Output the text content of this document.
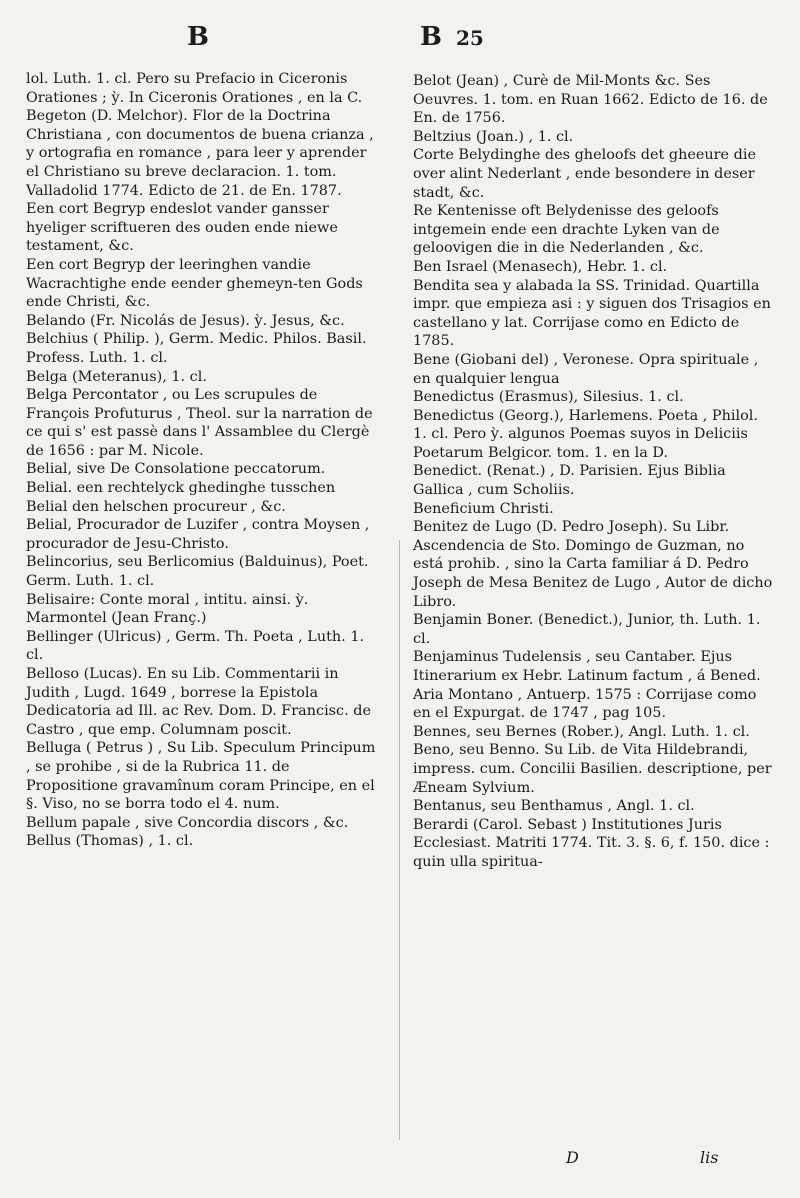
B	B 25

lol. Luth. 1. cl. Pero su Prefacio in Ciceronis Orationes ; ỳ. In Ciceronis Orationes , en la C.

Begeton (D. Melchor). Flor de la Doctrina Christiana , con documentos de buena crianza , y ortografia en romance , para leer y aprender el Christiano su breve declaracion. 1. tom. Valladolid 1774. Edicto de 21. de En. 1787.

Een cort Begryp endeslot vander gansser hyeliger scriftueren des ouden ende niewe testament, &c.

Een cort Begryp der leeringhen vandie Wacrachtighe ende eender ghemeyn-ten Gods ende Christi, &c.

Belando (Fr. Nicolás de Jesus). ỳ. Jesus, &c.

Belchius ( Philip. ), Germ. Medic. Philos. Basil. Profess. Luth. 1. cl.

Belga (Meteranus), 1. cl.

Belga Percontator , ou Les scrupules de François Profuturus , Theol. sur la narration de ce qui s' est passè dans l' Assamblee du Clergè de 1656 : par M. Nicole.

Belial, sive De Consolatione peccatorum.

Belial. een rechtelyck ghedinghe tusschen Belial den helschen procureur , &c.

Belial, Procurador de Luzifer , contra Moysen , procurador de Jesu-Christo.

Belincorius, seu Berlicomius (Balduinus), Poet. Germ. Luth. 1. cl.

Belisaire: Conte moral , intitu. ainsi. ỳ. Marmontel (Jean Franç.)

Bellinger (Ulricus) , Germ. Th. Poeta , Luth. 1. cl.

Belloso (Lucas). En su Lib. Commentarii in Judith , Lugd. 1649 , borrese la Epistola Dedicatoria ad Ill. ac Rev. Dom. D. Francisc. de Castro , que emp. Columnam poscit.

Belluga ( Petrus ) , Su Lib. Speculum Principum , se prohibe , si de la Rubrica 11. de Propositione gravamînum coram Principe, en el §. Viso, no se borra todo el 4. num.

Bellum papale , sive Concordia discors , &c.

Bellus (Thomas) , 1. cl.

Belot (Jean) , Curè de Mil-Monts &c. Ses Oeuvres. 1. tom. en Ruan 1662. Edicto de 16. de En. de 1756.

Beltzius (Joan.) , 1. cl.

Corte Belydinghe des gheloofs det gheeure die over alint Nederlant , ende besondere in deser stadt, &c.

Re Kentenisse oft Belydenisse des geloofs intgemein ende een drachte Lyken van de geloovigen die in die Nederlanden , &c.

Ben Israel (Menasech), Hebr. 1. cl.

Bendita sea y alabada la SS. Trinidad. Quartilla impr. que empieza asi : y siguen dos Trisagios en castellano y lat. Corrijase como en Edicto de 1785.

Bene (Giobani del) , Veronese. Opra spirituale , en qualquier lengua

Benedictus (Erasmus), Silesius. 1. cl.

Benedictus (Georg.), Harlemens. Poeta , Philol. 1. cl. Pero ỳ. algunos Poemas suyos in Deliciis Poetarum Belgicor. tom. 1. en la D.

Benedict. (Renat.) , D. Parisien. Ejus Biblia Gallica , cum Scholiis.

Beneficium Christi.

Benitez de Lugo (D. Pedro Joseph). Su Libr. Ascendencia de Sto. Domingo de Guzman, no está prohib. , sino la Carta familiar á D. Pedro Joseph de Mesa Benitez de Lugo , Autor de dicho Libro.

Benjamin Boner. (Benedict.), Junior, th. Luth. 1. cl.

Benjaminus Tudelensis , seu Cantaber. Ejus Itinerarium ex Hebr. Latinum factum , á Bened. Aria Montano , Antuerp. 1575 : Corrijase como en el Expurgat. de 1747 , pag 105.

Bennes, seu Bernes (Rober.), Angl. Luth. 1. cl.

Beno, seu Benno. Su Lib. de Vita Hildebrandi, impress. cum. Concilii Basilien. descriptione, per Æneam Sylvium.

Bentanus, seu Benthamus , Angl. 1. cl.

Berardi (Carol. Sebast ) Institutiones Juris Ecclesiast. Matriti 1774. Tit. 3. §. 6, f. 150. dice : quin ulla spiritua-

D	lis
